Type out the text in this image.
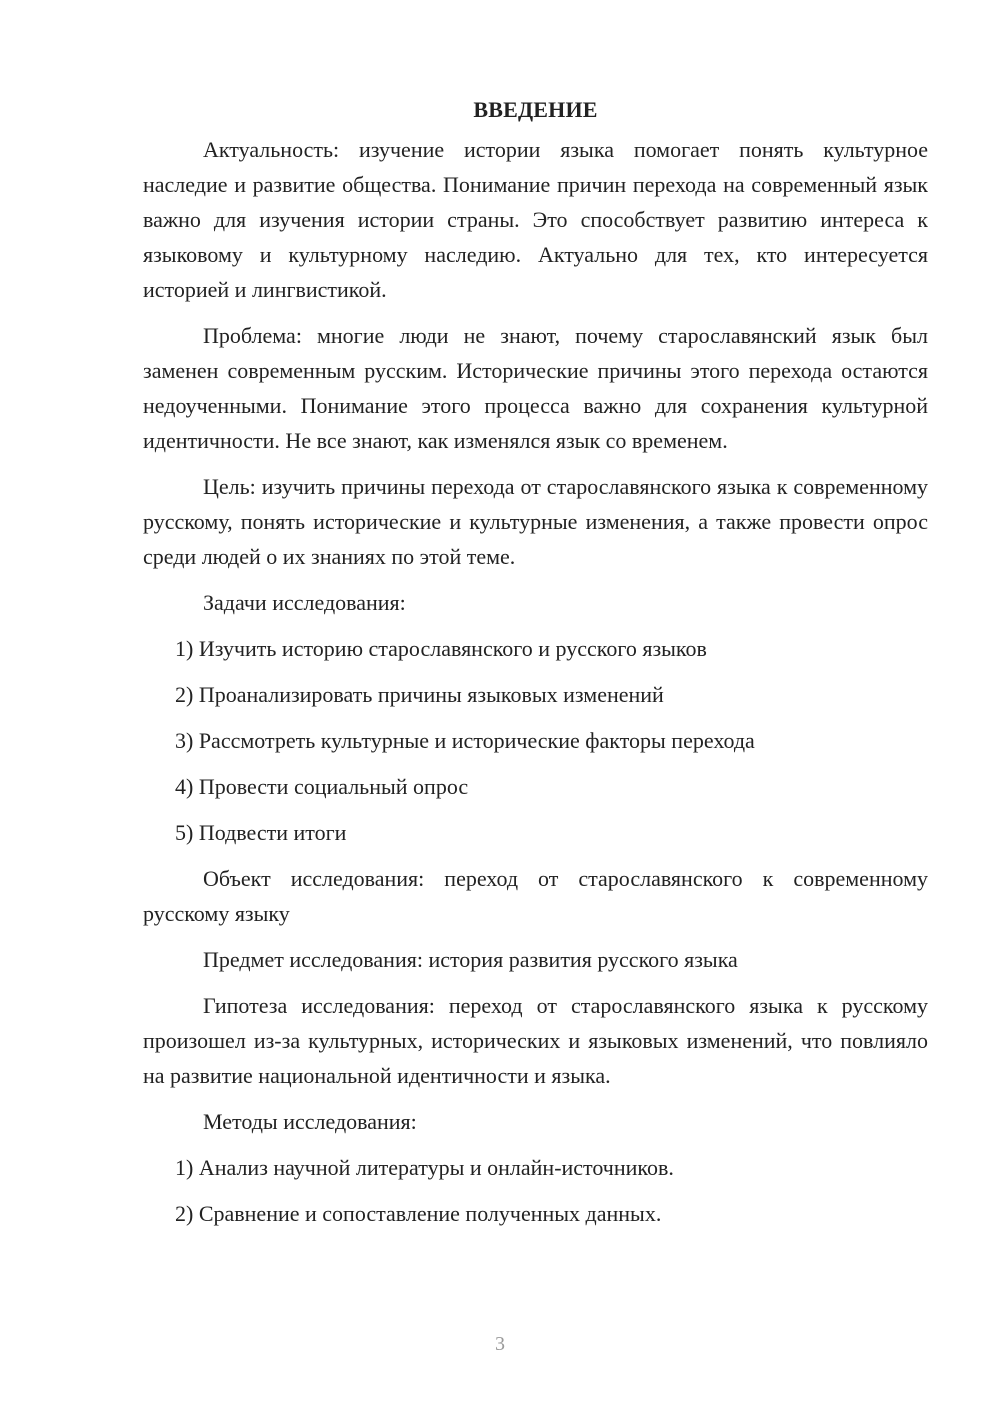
ВВЕДЕНИЕ

Актуальность: изучение истории языка помогает понять культурное наследие и развитие общества. Понимание причин перехода на современный язык важно для изучения истории страны. Это способствует развитию интереса к языковому и культурному наследию. Актуально для тех, кто интересуется историей и лингвистикой.

Проблема: многие люди не знают, почему старославянский язык был заменен современным русским. Исторические причины этого перехода остаются недоученными. Понимание этого процесса важно для сохранения культурной идентичности. Не все знают, как изменялся язык со временем.

Цель: изучить причины перехода от старославянского языка к современному русскому, понять исторические и культурные изменения, а также провести опрос среди людей о их знаниях по этой теме.

Задачи исследования:

1) Изучить историю старославянского и русского языков
2) Проанализировать причины языковых изменений
3) Рассмотреть культурные и исторические факторы перехода
4) Провести социальный опрос
5) Подвести итоги

Объект исследования: переход от старославянского к современному русскому языку

Предмет исследования: история развития русского языка

Гипотеза исследования: переход от старославянского языка к русскому произошел из-за культурных, исторических и языковых изменений, что повлияло на развитие национальной идентичности и языка.

Методы исследования:

1) Анализ научной литературы и онлайн-источников.
2) Сравнение и сопоставление полученных данных.
3
